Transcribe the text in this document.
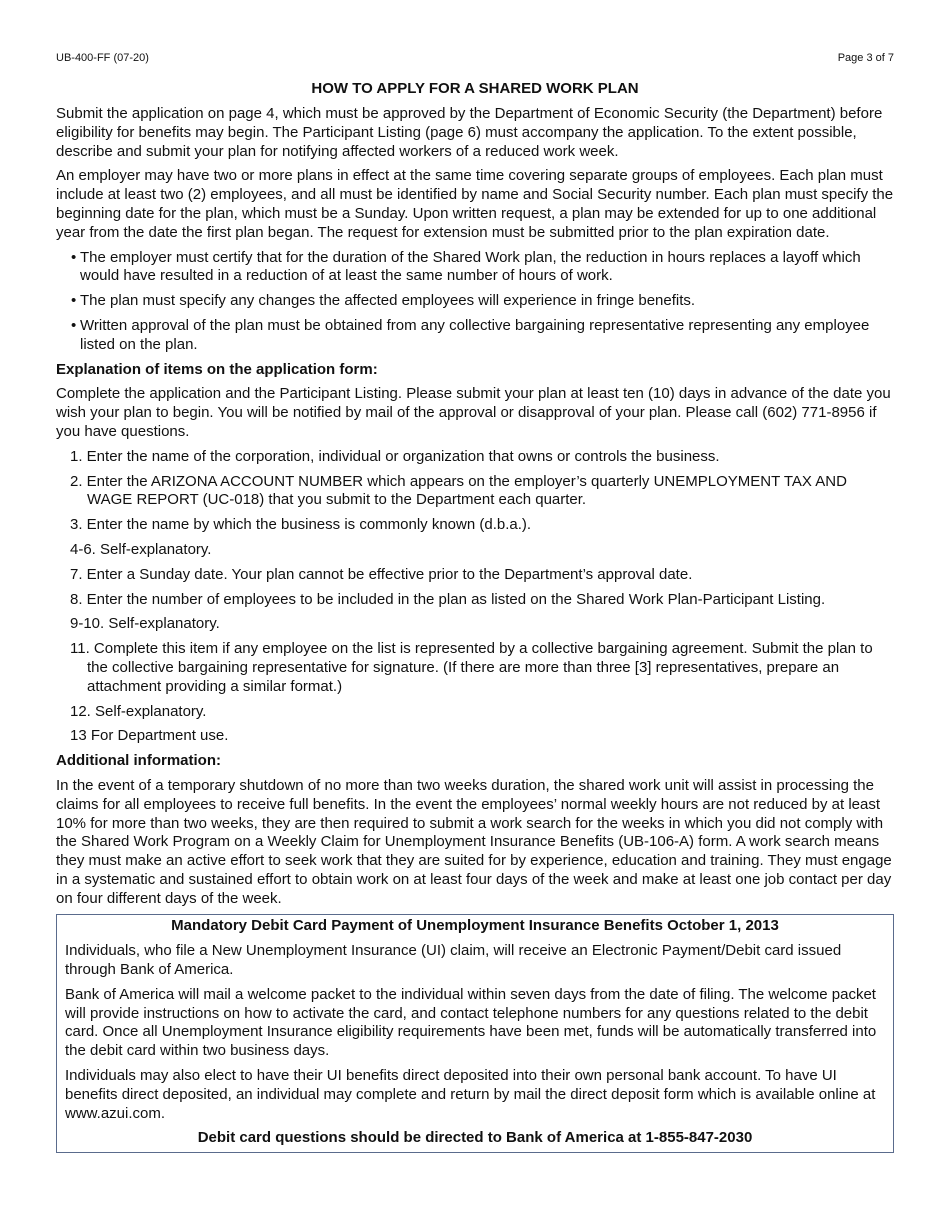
UB-400-FF (07-20)	Page 3 of 7
HOW TO APPLY FOR A SHARED WORK PLAN

Submit the application on page 4, which must be approved by the Department of Economic Security (the Department) before eligibility for benefits may begin. The Participant Listing (page 6) must accompany the application. To the extent possible, describe and submit your plan for notifying affected workers of a reduced work week.

An employer may have two or more plans in effect at the same time covering separate groups of employees. Each plan must include at least two (2) employees, and all must be identified by name and Social Security number. Each plan must specify the beginning date for the plan, which must be a Sunday. Upon written request, a plan may be extended for up to one additional year from the date the first plan began. The request for extension must be submitted prior to the plan expiration date.

• The employer must certify that for the duration of the Shared Work plan, the reduction in hours replaces a layoff which would have resulted in a reduction of at least the same number of hours of work.
• The plan must specify any changes the affected employees will experience in fringe benefits.
• Written approval of the plan must be obtained from any collective bargaining representative representing any employee listed on the plan.
Explanation of items on the application form:

Complete the application and the Participant Listing. Please submit your plan at least ten (10) days in advance of the date you wish your plan to begin. You will be notified by mail of the approval or disapproval of your plan. Please call (602) 771-8956 if you have questions.

1. Enter the name of the corporation, individual or organization that owns or controls the business.
2. Enter the ARIZONA ACCOUNT NUMBER which appears on the employer’s quarterly UNEMPLOYMENT TAX AND WAGE REPORT (UC-018) that you submit to the Department each quarter.
3. Enter the name by which the business is commonly known (d.b.a.).
4-6. Self-explanatory.
7. Enter a Sunday date. Your plan cannot be effective prior to the Department’s approval date.
8. Enter the number of employees to be included in the plan as listed on the Shared Work Plan-Participant Listing.
9-10. Self-explanatory.
11. Complete this item if any employee on the list is represented by a collective bargaining agreement. Submit the plan to the collective bargaining representative for signature. (If there are more than three [3] representatives, prepare an attachment providing a similar format.)
12. Self-explanatory.
13 For Department use.
Additional information:

In the event of a temporary shutdown of no more than two weeks duration, the shared work unit will assist in processing the claims for all employees to receive full benefits. In the event the employees’ normal weekly hours are not reduced by at least 10% for more than two weeks, they are then required to submit a work search for the weeks in which you did not comply with the Shared Work Program on a Weekly Claim for Unemployment Insurance Benefits (UB-106-A) form. A work search means they must make an active effort to seek work that they are suited for by experience, education and training. They must engage in a systematic and sustained effort to obtain work on at least four days of the week and make at least one job contact per day on four different days of the week.

Mandatory Debit Card Payment of Unemployment Insurance Benefits October 1, 2013

Individuals, who file a New Unemployment Insurance (UI) claim, will receive an Electronic Payment/Debit card issued through Bank of America.

Bank of America will mail a welcome packet to the individual within seven days from the date of filing. The welcome packet will provide instructions on how to activate the card, and contact telephone numbers for any questions related to the debit card. Once all Unemployment Insurance eligibility requirements have been met, funds will be automatically transferred into the debit card within two business days.

Individuals may also elect to have their UI benefits direct deposited into their own personal bank account. To have UI benefits direct deposited, an individual may complete and return by mail the direct deposit form which is available online at www.azui.com.

Debit card questions should be directed to Bank of America at 1-855-847-2030
